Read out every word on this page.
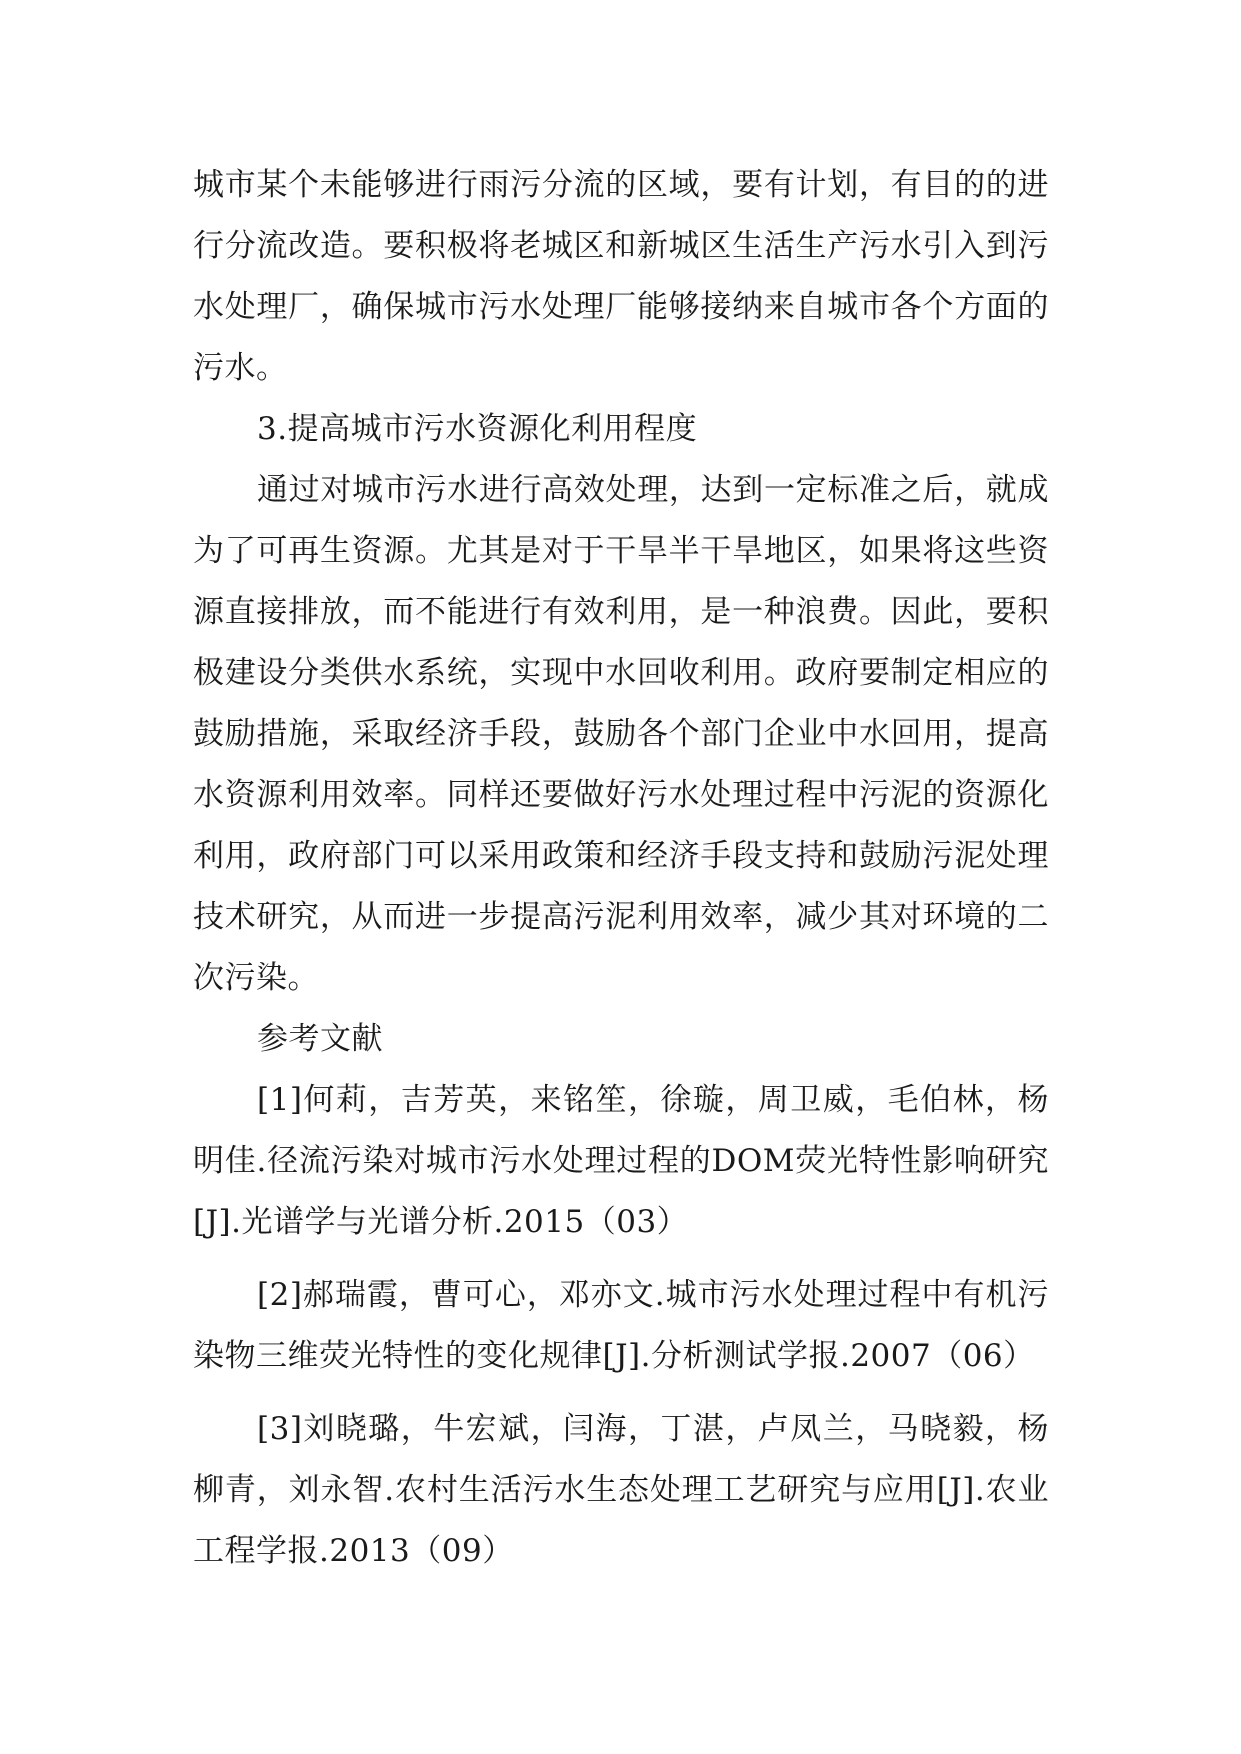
城市某个未能够进行雨污分流的区域，要有计划，有目的的进行分流改造。要积极将老城区和新城区生活生产污水引入到污水处理厂，确保城市污水处理厂能够接纳来自城市各个方面的污水。

3.提高城市污水资源化利用程度

通过对城市污水进行高效处理，达到一定标准之后，就成为了可再生资源。尤其是对于干旱半干旱地区，如果将这些资源直接排放，而不能进行有效利用，是一种浪费。因此，要积极建设分类供水系统，实现中水回收利用。政府要制定相应的鼓励措施，采取经济手段，鼓励各个部门企业中水回用，提高水资源利用效率。同样还要做好污水处理过程中污泥的资源化利用，政府部门可以采用政策和经济手段支持和鼓励污泥处理技术研究，从而进一步提高污泥利用效率，减少其对环境的二次污染。

参考文献

[1]何莉，吉芳英，来铭笙，徐璇，周卫威，毛伯林，杨明佳.径流污染对城市污水处理过程的DOM荧光特性影响研究[J].光谱学与光谱分析.2015（03）

[2]郝瑞霞，曹可心，邓亦文.城市污水处理过程中有机污染物三维荧光特性的变化规律[J].分析测试学报.2007（06）

[3]刘晓璐，牛宏斌，闫海，丁湛，卢凤兰，马晓毅，杨柳青，刘永智.农村生活污水生态处理工艺研究与应用[J].农业工程学报.2013（09）
